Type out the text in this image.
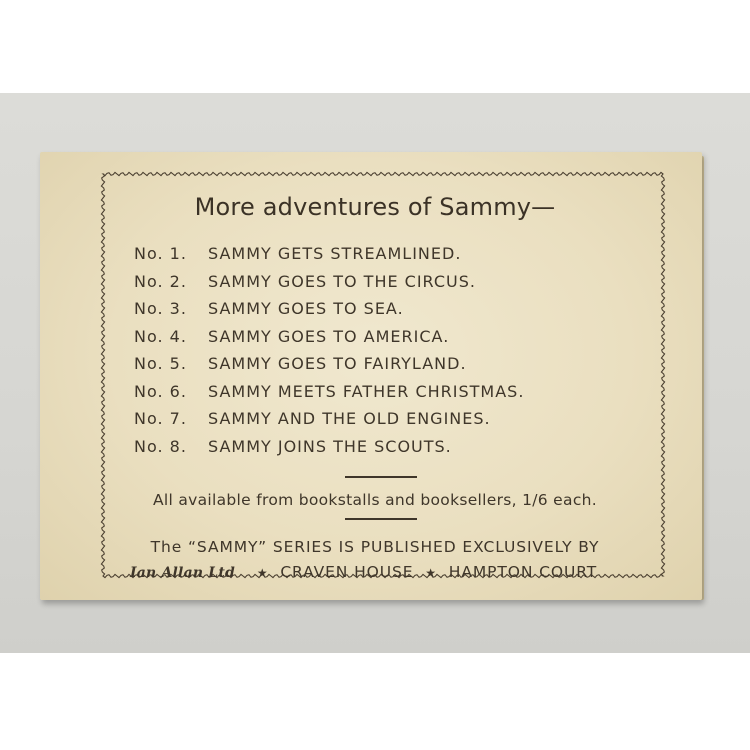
More adventures of Sammy—
No. 1. SAMMY GETS STREAMLINED.
No. 2. SAMMY GOES TO THE CIRCUS.
No. 3. SAMMY GOES TO SEA.
No. 4. SAMMY GOES TO AMERICA.
No. 5. SAMMY GOES TO FAIRYLAND.
No. 6. SAMMY MEETS FATHER CHRISTMAS.
No. 7. SAMMY AND THE OLD ENGINES.
No. 8. SAMMY JOINS THE SCOUTS.
All available from bookstalls and booksellers, 1/6 each.
The “SAMMY” SERIES IS PUBLISHED EXCLUSIVELY BY
Ian Allan Ltd ★ CRAVEN HOUSE ★ HAMPTON COURT
